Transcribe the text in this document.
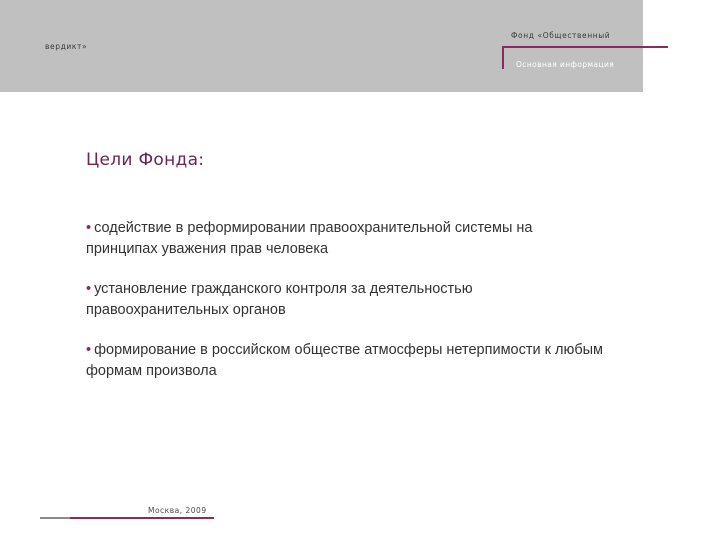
Фонд «Общественный
вердикт»
Основная информация
Цели Фонда:
• содействие в реформировании правоохранительной системы на принципах уважения прав человека
• установление гражданского контроля за деятельностью правоохранительных органов
• формирование в российском обществе атмосферы нетерпимости к любым формам произвола
Москва, 2009
